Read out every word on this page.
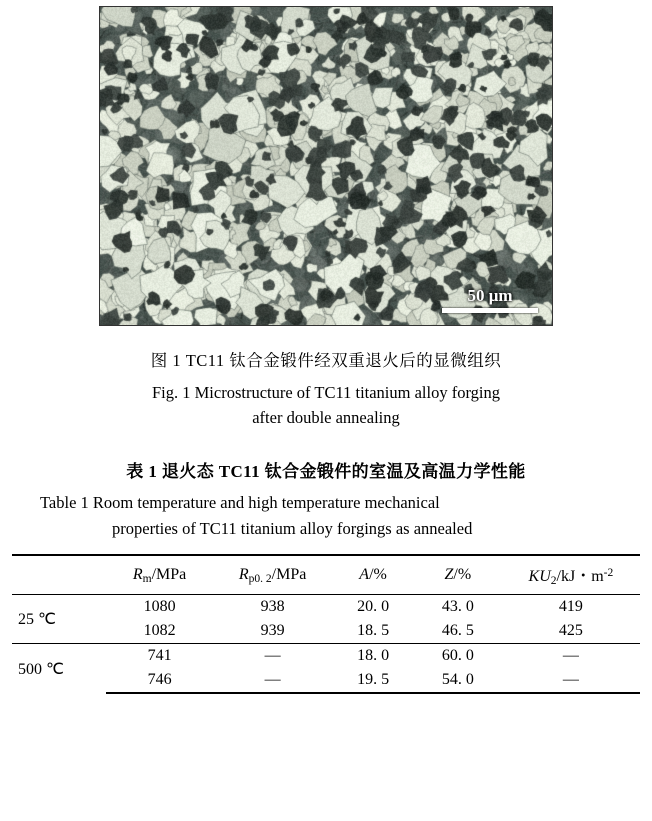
50 μm
图 1 TC11 钛合金锻件经双重退火后的显微组织
Fig. 1 Microstructure of TC11 titanium alloy forging
after double annealing
表 1 退火态 TC11 钛合金锻件的室温及高温力学性能
Table 1 Room temperature and high temperature mechanical
properties of TC11 titanium alloy forgings as annealed
	$R_m$/MPa	$R_{p0. 2}$/MPa	A/%	Z/%	$KU_2/kJ$・$m^{-2}$
25 ℃	1080	938	20. 0	43. 0	419
	1082	939	18. 5	46. 5	425
500 ℃	741	—	18. 0	60. 0	—
	746	—	19. 5	54. 0	—
